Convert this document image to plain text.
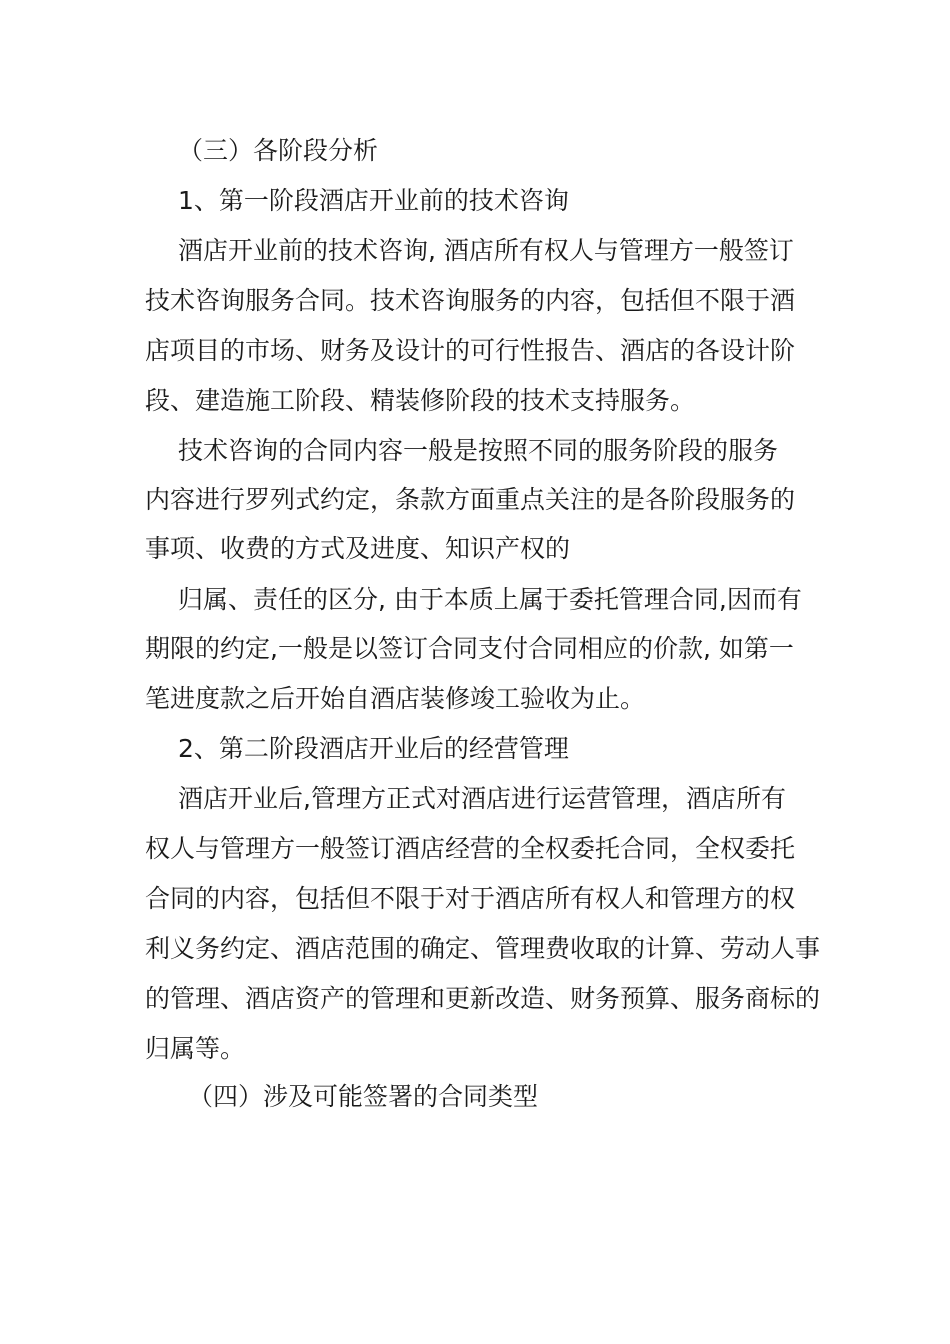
（三）各阶段分析
1、第一阶段酒店开业前的技术咨询
酒店开业前的技术咨询, 酒店所有权人与管理方一般签订
技术咨询服务合同。技术咨询服务的内容，包括但不限于酒
店项目的市场、财务及设计的可行性报告、酒店的各设计阶
段、建造施工阶段、精装修阶段的技术支持服务。
技术咨询的合同内容一般是按照不同的服务阶段的服务
内容进行罗列式约定，条款方面重点关注的是各阶段服务的
事项、收费的方式及进度、知识产权的
归属、责任的区分, 由于本质上属于委托管理合同,因而有
期限的约定,一般是以签订合同支付合同相应的价款, 如第一
笔进度款之后开始自酒店装修竣工验收为止。
2、第二阶段酒店开业后的经营管理
酒店开业后,管理方正式对酒店进行运营管理，酒店所有
权人与管理方一般签订酒店经营的全权委托合同，全权委托
合同的内容，包括但不限于对于酒店所有权人和管理方的权
利义务约定、酒店范围的确定、管理费收取的计算、劳动人事
的管理、酒店资产的管理和更新改造、财务预算、服务商标的
归属等。
（四）涉及可能签署的合同类型
